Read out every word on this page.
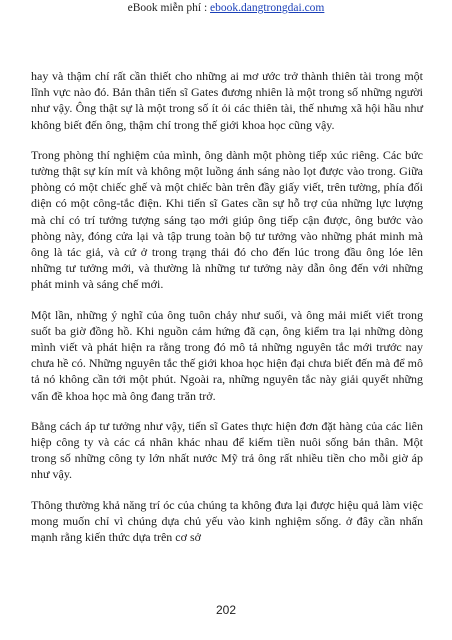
eBook miễn phí : ebook.dangtrongdai.com

hay và thậm chí rất cần thiết cho những ai mơ ước trở thành thiên tài trong một lĩnh vực nào đó. Bản thân tiến sĩ Gates đương nhiên là một trong số những người như vậy. Ông thật sự là một trong số ít ỏi các thiên tài, thế nhưng xã hội hầu như không biết đến ông, thậm chí trong thế giới khoa học cũng vậy.

Trong phòng thí nghiệm của mình, ông dành một phòng tiếp xúc riêng. Các bức tường thật sự kín mít và không một luồng ánh sáng nào lọt được vào trong. Giữa phòng có một chiếc ghế và một chiếc bàn trên đầy giấy viết, trên tường, phía đối diện có một công-tắc điện. Khi tiến sĩ Gates cần sự hỗ trợ của những lực lượng mà chỉ có trí tưởng tượng sáng tạo mới giúp ông tiếp cận được, ông bước vào phòng này, đóng cửa lại và tập trung toàn bộ tư tưởng vào những phát minh mà ông là tác giả, và cứ ở trong trạng thái đó cho đến lúc trong đầu ông lóe lên những tư tưởng mới, và thường là những tư tưởng này dẫn ông đến với những phát minh và sáng chế mới.

Một lần, những ý nghĩ của ông tuôn chảy như suối, và ông mải miết viết trong suốt ba giờ đồng hồ. Khi nguồn cảm hứng đã cạn, ông kiểm tra lại những dòng mình viết và phát hiện ra rằng trong đó mô tả những nguyên tắc mới trước nay chưa hề có. Những nguyên tắc thế giới khoa học hiện đại chưa biết đến mà để mô tả nó không cần tới một phút. Ngoài ra, những nguyên tắc này giải quyết những vấn đề khoa học mà ông đang trăn trở.

Bằng cách áp tư tưởng như vậy, tiến sĩ Gates thực hiện đơn đặt hàng của các liên hiệp công ty và các cá nhân khác nhau để kiếm tiền nuôi sống bản thân. Một trong số những công ty lớn nhất nước Mỹ trả ông rất nhiều tiền cho mỗi giờ áp như vậy.

Thông thường khả năng trí óc của chúng ta không đưa lại được hiệu quả làm việc mong muốn chỉ vì chúng dựa chủ yếu vào kinh nghiệm sống. ở đây cần nhấn mạnh rằng kiến thức dựa trên cơ sở

202
